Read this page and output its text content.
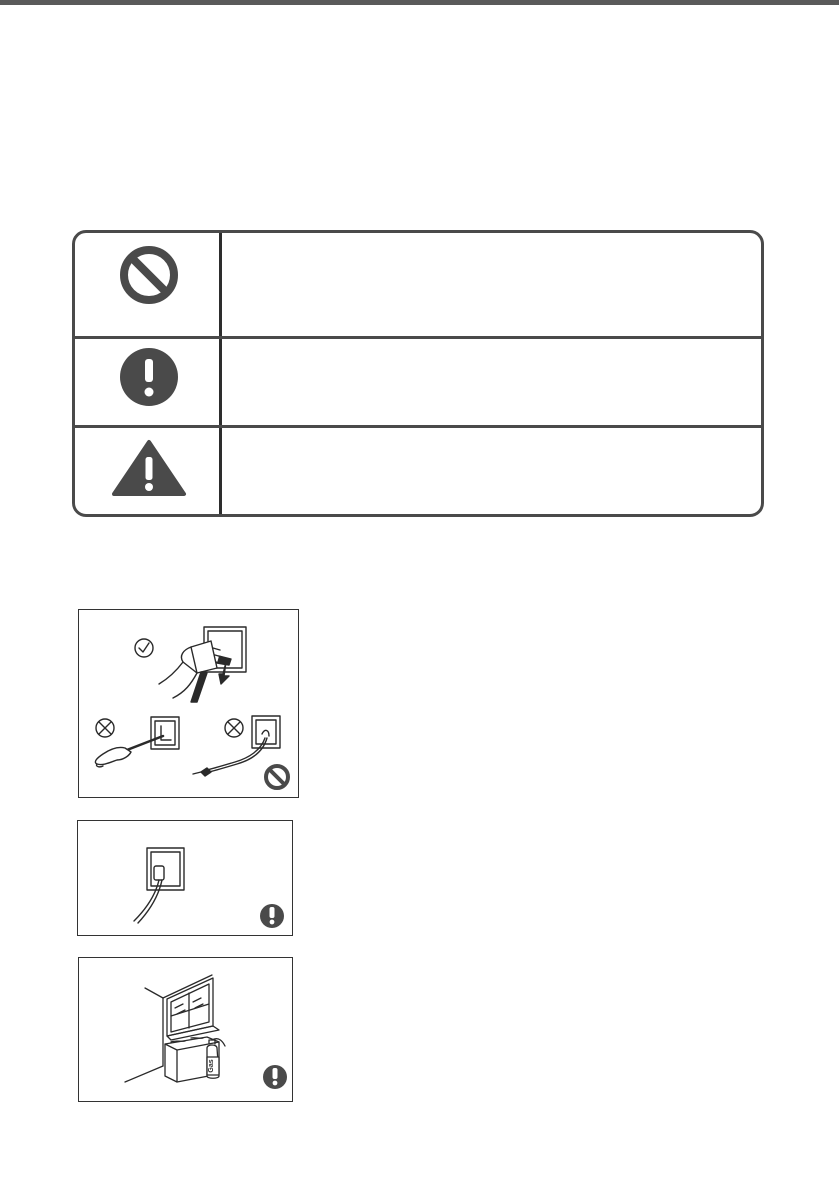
Gas
